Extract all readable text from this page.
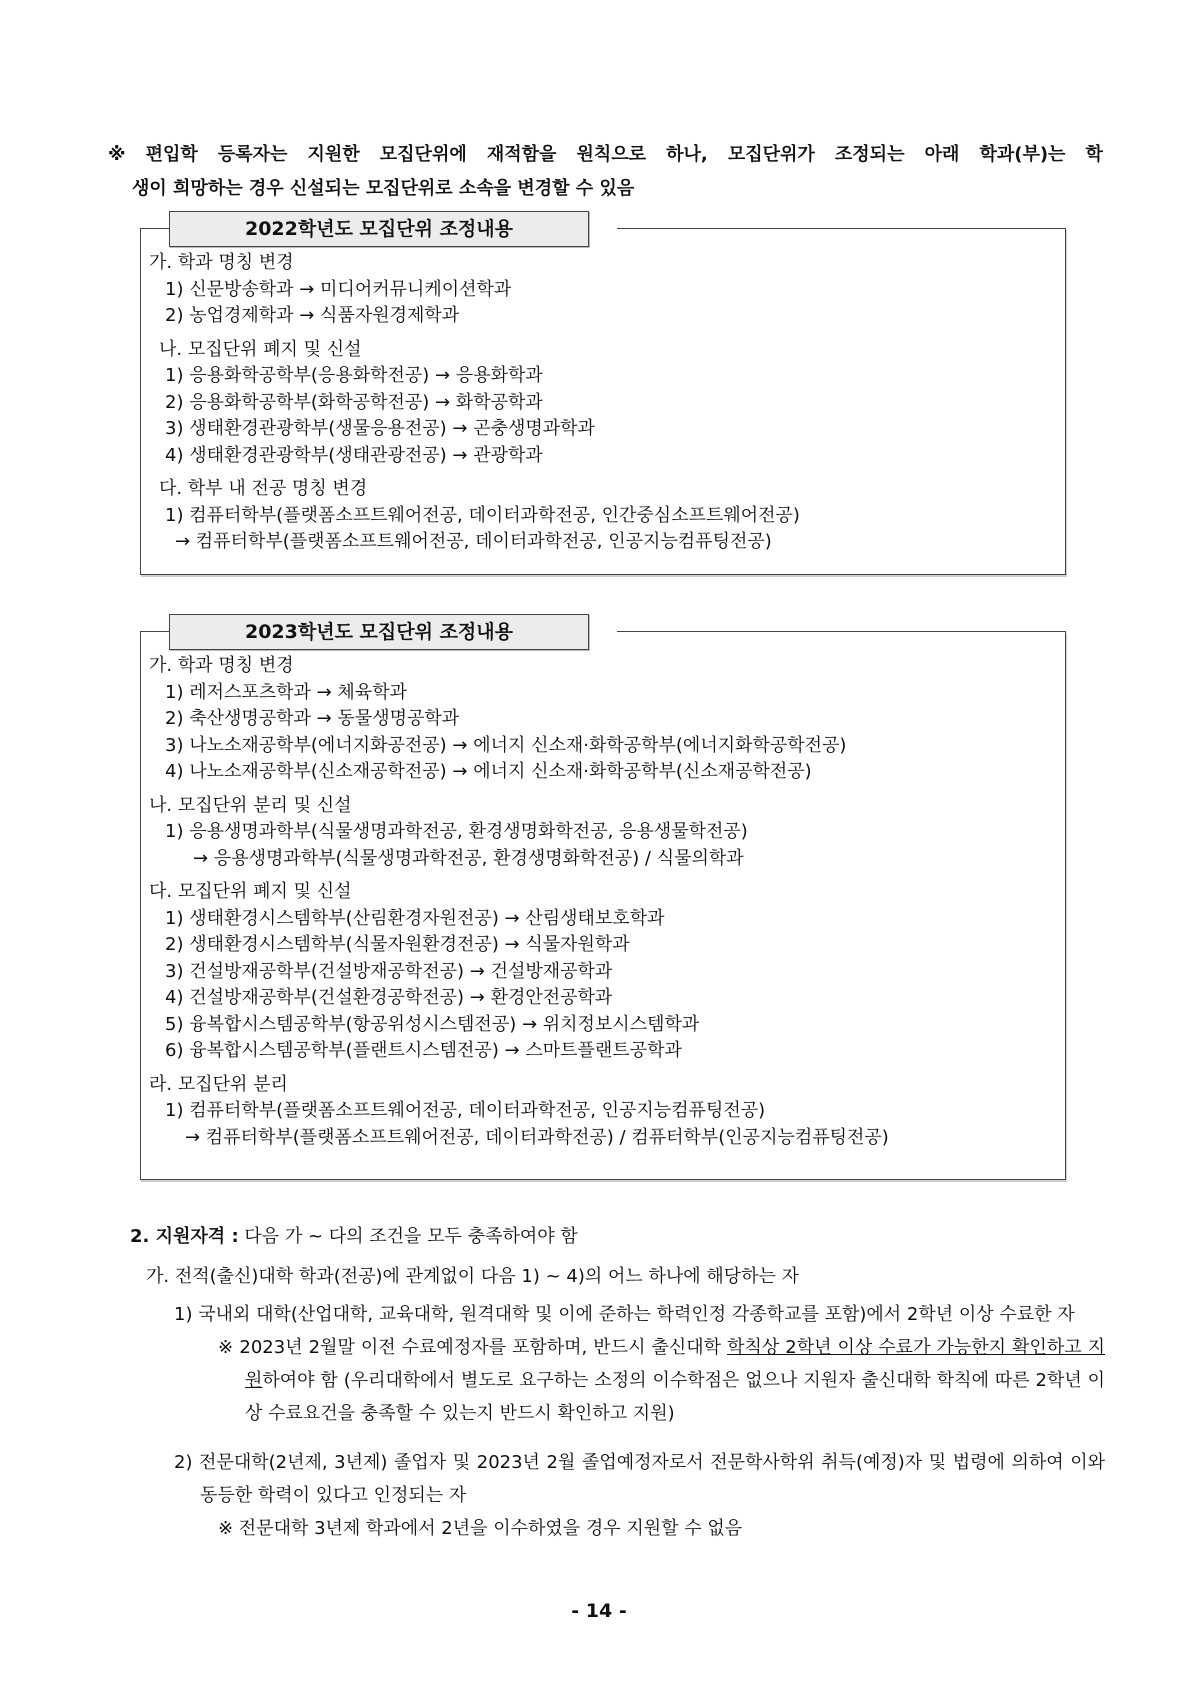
※ 편입학 등록자는 지원한 모집단위에 재적함을 원칙으로 하나, 모집단위가 조정되는 아래 학과(부)는 학
생이 희망하는 경우 신설되는 모집단위로 소속을 변경할 수 있음
2022학년도 모집단위 조정내용
가. 학과 명칭 변경
1) 신문방송학과 → 미디어커뮤니케이션학과
2) 농업경제학과 → 식품자원경제학과
나. 모집단위 폐지 및 신설
1) 응용화학공학부(응용화학전공) → 응용화학과
2) 응용화학공학부(화학공학전공) → 화학공학과
3) 생태환경관광학부(생물응용전공) → 곤충생명과학과
4) 생태환경관광학부(생태관광전공) → 관광학과
다. 학부 내 전공 명칭 변경
1) 컴퓨터학부(플랫폼소프트웨어전공, 데이터과학전공, 인간중심소프트웨어전공)
→ 컴퓨터학부(플랫폼소프트웨어전공, 데이터과학전공, 인공지능컴퓨팅전공)
2023학년도 모집단위 조정내용
가. 학과 명칭 변경
1) 레저스포츠학과 → 체육학과
2) 축산생명공학과 → 동물생명공학과
3) 나노소재공학부(에너지화공전공) → 에너지 신소재·화학공학부(에너지화학공학전공)
4) 나노소재공학부(신소재공학전공) → 에너지 신소재·화학공학부(신소재공학전공)
나. 모집단위 분리 및 신설
1) 응용생명과학부(식물생명과학전공, 환경생명화학전공, 응용생물학전공)
→ 응용생명과학부(식물생명과학전공, 환경생명화학전공) / 식물의학과
다. 모집단위 폐지 및 신설
1) 생태환경시스템학부(산림환경자원전공) → 산림생태보호학과
2) 생태환경시스템학부(식물자원환경전공) → 식물자원학과
3) 건설방재공학부(건설방재공학전공) → 건설방재공학과
4) 건설방재공학부(건설환경공학전공) → 환경안전공학과
5) 융복합시스템공학부(항공위성시스템전공) → 위치정보시스템학과
6) 융복합시스템공학부(플랜트시스템전공) → 스마트플랜트공학과
라. 모집단위 분리
1) 컴퓨터학부(플랫폼소프트웨어전공, 데이터과학전공, 인공지능컴퓨팅전공)
→ 컴퓨터학부(플랫폼소프트웨어전공, 데이터과학전공) / 컴퓨터학부(인공지능컴퓨팅전공)
2. 지원자격 : 다음 가 ~ 다의 조건을 모두 충족하여야 함
가. 전적(출신)대학 학과(전공)에 관계없이 다음 1) ~ 4)의 어느 하나에 해당하는 자
1) 국내외 대학(산업대학, 교육대학, 원격대학 및 이에 준하는 학력인정 각종학교를 포함)에서 2학년 이상 수료한 자
※ 2023년 2월말 이전 수료예정자를 포함하며, 반드시 출신대학 학칙상 2학년 이상 수료가 가능한지 확인하고 지원하여야 함 (우리대학에서 별도로 요구하는 소정의 이수학점은 없으나 지원자 출신대학 학칙에 따른 2학년 이상 수료요건을 충족할 수 있는지 반드시 확인하고 지원)
2) 전문대학(2년제, 3년제) 졸업자 및 2023년 2월 졸업예정자로서 전문학사학위 취득(예정)자 및 법령에 의하여 이와 동등한 학력이 있다고 인정되는 자
※ 전문대학 3년제 학과에서 2년을 이수하였을 경우 지원할 수 없음
- 14 -
